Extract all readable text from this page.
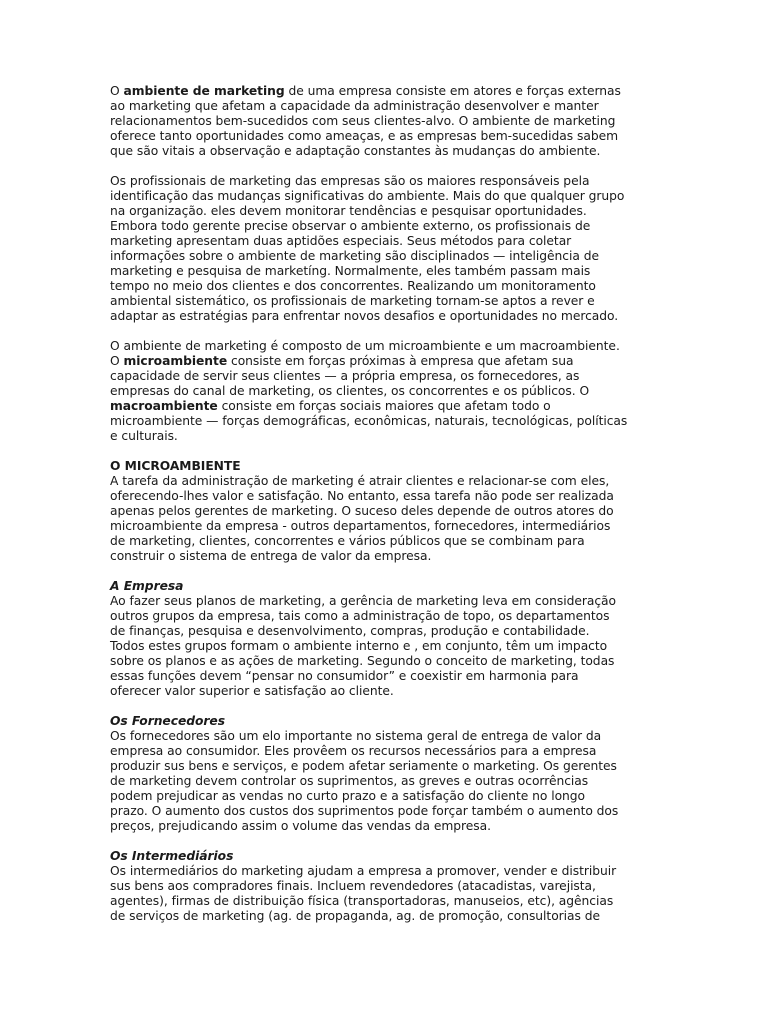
O ambiente de marketing de uma empresa consiste em atores e forças externas
ao marketing que afetam a capacidade da administração desenvolver e manter
relacionamentos bem-sucedidos com seus clientes-alvo. O ambiente de marketing
oferece tanto oportunidades como ameaças, e as empresas bem-sucedidas sabem
que são vitais a observação e adaptação constantes às mudanças do ambiente.

Os profissionais de marketing das empresas são os maiores responsáveis pela
identificação das mudanças significativas do ambiente. Mais do que qualquer grupo
na organização. eles devem monitorar tendências e pesquisar oportunidades.
Embora todo gerente precise observar o ambiente externo, os profissionais de
marketing apresentam duas aptidões especiais. Seus métodos para coletar
informações sobre o ambiente de marketing são disciplinados — inteligência de
marketing e pesquisa de marketíng. Normalmente, eles também passam mais
tempo no meio dos clientes e dos concorrentes. Realizando um monitoramento
ambiental sistemático, os profissionais de marketing tornam-se aptos a rever e
adaptar as estratégias para enfrentar novos desafios e oportunidades no mercado.

O ambiente de marketing é composto de um microambiente e um macroambiente.
O microambiente consiste em forças próximas à empresa que afetam sua
capacidade de servir seus clientes — a própria empresa, os fornecedores, as
empresas do canal de marketing, os clientes, os concorrentes e os públicos. O
macroambiente consiste em forças sociais maiores que afetam todo o
microambiente — forças demográficas, econômicas, naturais, tecnológicas, políticas
e culturais.

O MICROAMBIENTE

A tarefa da administração de marketing é atrair clientes e relacionar-se com eles,
oferecendo-lhes valor e satisfação. No entanto, essa tarefa não pode ser realizada
apenas pelos gerentes de marketing. O suceso deles depende de outros atores do
microambiente da empresa - outros departamentos, fornecedores, intermediários
de marketing, clientes, concorrentes e vários públicos que se combinam para
construir o sistema de entrega de valor da empresa.

A Empresa

Ao fazer seus planos de marketing, a gerência de marketing leva em consideração
outros grupos da empresa, tais como a administração de topo, os departamentos
de finanças, pesquisa e desenvolvimento, compras, produção e contabilidade.
Todos estes grupos formam o ambiente interno e , em conjunto, têm um impacto
sobre os planos e as ações de marketing. Segundo o conceito de marketing, todas
essas funções devem “pensar no consumidor” e coexistir em harmonia para
oferecer valor superior e satisfação ao cliente.

Os Fornecedores

Os fornecedores são um elo importante no sistema geral de entrega de valor da
empresa ao consumidor. Eles provêem os recursos necessários para a empresa
produzir sus bens e serviços, e podem afetar seriamente o marketing. Os gerentes
de marketing devem controlar os suprimentos, as greves e outras ocorrências
podem prejudicar as vendas no curto prazo e a satisfação do cliente no longo
prazo. O aumento dos custos dos suprimentos pode forçar também o aumento dos
preços, prejudicando assim o volume das vendas da empresa.

Os Intermediários

Os intermediários do marketing ajudam a empresa a promover, vender e distribuir
sus bens aos compradores finais. Incluem revendedores (atacadistas, varejista,
agentes), firmas de distribuição física (transportadoras, manuseios, etc), agências
de serviços de marketing (ag. de propaganda, ag. de promoção, consultorias de
